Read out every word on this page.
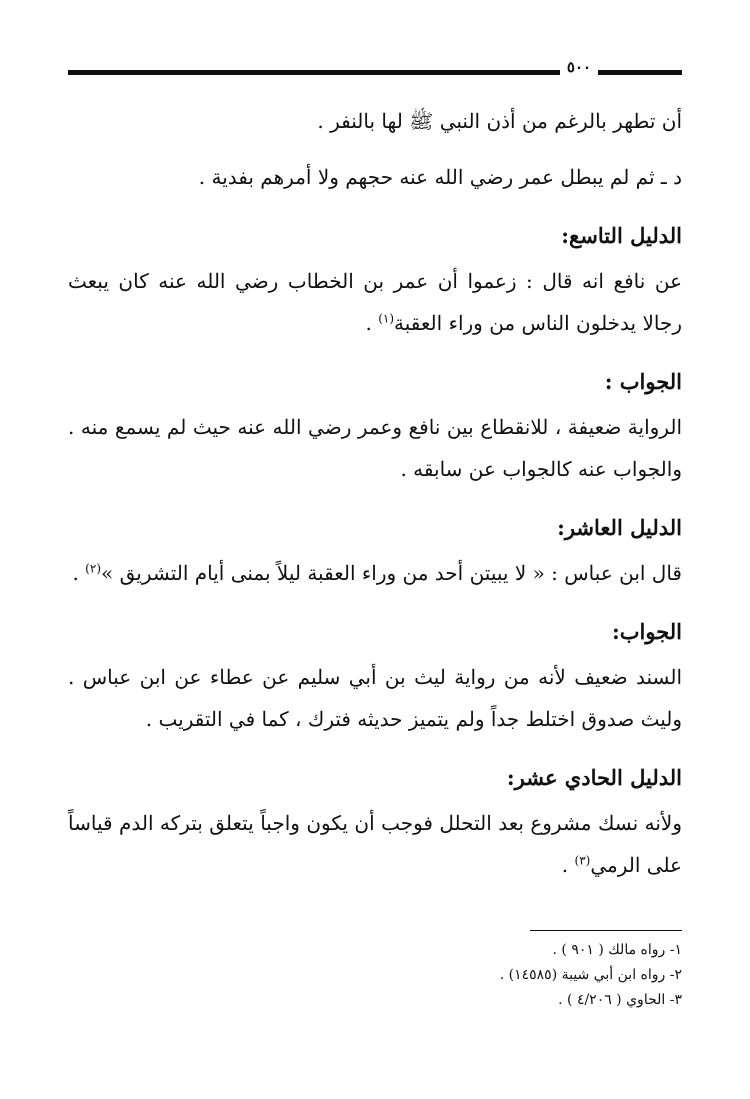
٥٠٠

أن تطهر بالرغم من أذن النبي ﷺ لها بالنفر .

د ـ ثم لم يبطل عمر رضي الله عنه حجهم ولا أمرهم بفدية .

الدليل التاسع:

عن نافع انه قال : زعموا أن عمر بن الخطاب رضي الله عنه كان يبعث رجالا يدخلون الناس من وراء العقبة$^{(١)}$ .

الجواب :

الرواية ضعيفة ، للانقطاع بين نافع وعمر رضي الله عنه حيث لم يسمع منه . والجواب عنه كالجواب عن سابقه .

الدليل العاشر:

قال ابن عباس : « لا يبيتن أحد من وراء العقبة ليلاً بمنى أيام التشريق »$^{(٢)}$ .

الجواب:

السند ضعيف لأنه من رواية ليث بن أبي سليم عن عطاء عن ابن عباس . وليث صدوق اختلط جداً ولم يتميز حديثه فترك ، كما في التقريب .

الدليل الحادي عشر:

ولأنه نسك مشروع بعد التحلل فوجب أن يكون واجباً يتعلق بتركه الدم قياساً على الرمي$^{(٣)}$ .

١- رواه مالك ( ٩٠١ ) .
٢- رواه ابن أبي شيبة (١٤٥٨٥) .
٣- الحاوي ( ٤/٢٠٦ ) .
